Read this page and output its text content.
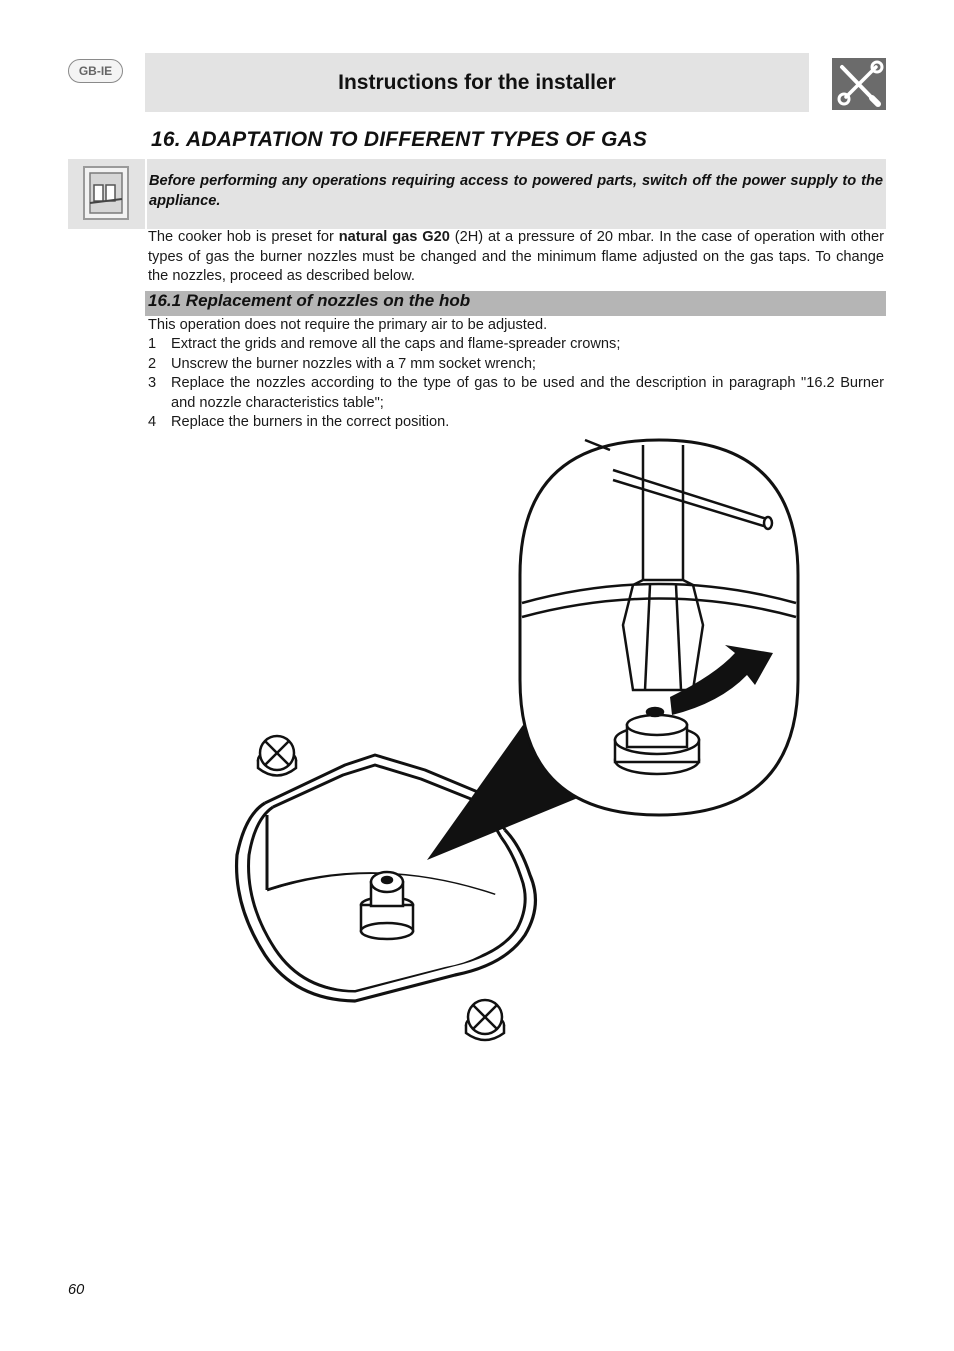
GB-IE	Instructions for the installer
16. ADAPTATION TO DIFFERENT TYPES OF GAS
Before performing any operations requiring access to powered parts, switch off the power supply to the appliance.
The cooker hob is preset for natural gas G20 (2H) at a pressure of 20 mbar. In the case of operation with other types of gas the burner nozzles must be changed and the minimum flame adjusted on the gas taps. To change the nozzles, proceed as described below.
16.1 Replacement of nozzles on the hob
This operation does not require the primary air to be adjusted.
1 Extract the grids and remove all the caps and flame-spreader crowns;
2 Unscrew the burner nozzles with a 7 mm socket wrench;
3 Replace the nozzles according to the type of gas to be used and the description in paragraph "16.2 Burner and nozzle characteristics table";
4 Replace the burners in the correct position.
60
